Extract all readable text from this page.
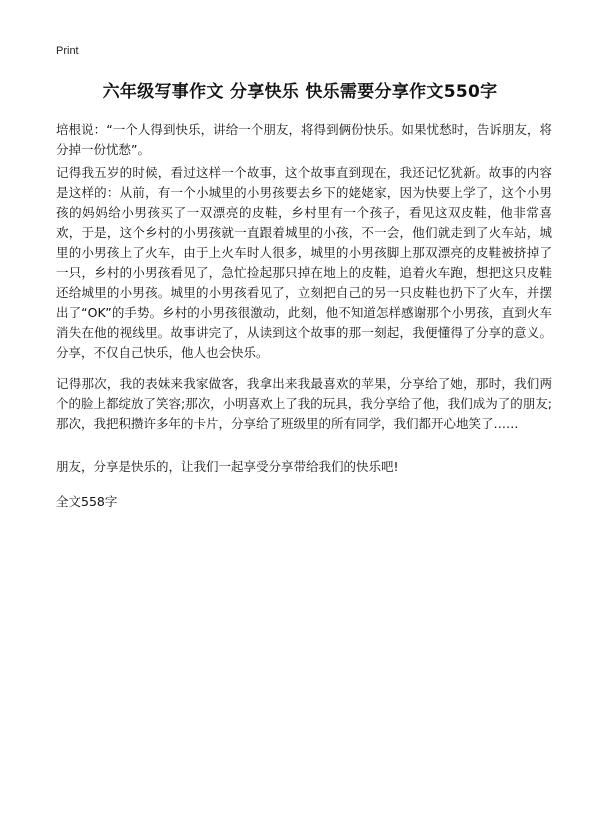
Print
六年级写事作文 分享快乐 快乐需要分享作文550字

培根说：“一个人得到快乐，讲给一个朋友，将得到俩份快乐。如果忧愁时，告诉朋友，将分掉一份忧愁”。

记得我五岁的时候，看过这样一个故事，这个故事直到现在，我还记忆犹新。故事的内容是这样的：从前，有一个小城里的小男孩要去乡下的姥姥家，因为快要上学了，这个小男孩的妈妈给小男孩买了一双漂亮的皮鞋，乡村里有一个孩子，看见这双皮鞋，他非常喜欢，于是，这个乡村的小男孩就一直跟着城里的小孩，不一会，他们就走到了火车站，城里的小男孩上了火车，由于上火车时人很多，城里的小男孩脚上那双漂亮的皮鞋被挤掉了一只，乡村的小男孩看见了，急忙捡起那只掉在地上的皮鞋，追着火车跑，想把这只皮鞋还给城里的小男孩。城里的小男孩看见了，立刻把自己的另一只皮鞋也扔下了火车，并摆出了“OK”的手势。乡村的小男孩很激动，此刻，他不知道怎样感谢那个小男孩，直到火车消失在他的视线里。故事讲完了，从读到这个故事的那一刻起，我便懂得了分享的意义。分享，不仅自己快乐，他人也会快乐。

记得那次，我的表妹来我家做客，我拿出来我最喜欢的苹果，分享给了她，那时，我们两个的脸上都绽放了笑容;那次，小明喜欢上了我的玩具，我分享给了他，我们成为了的朋友;那次，我把积攒许多年的卡片，分享给了班级里的所有同学，我们都开心地笑了……

朋友，分享是快乐的，让我们一起享受分享带给我们的快乐吧!

全文558字
